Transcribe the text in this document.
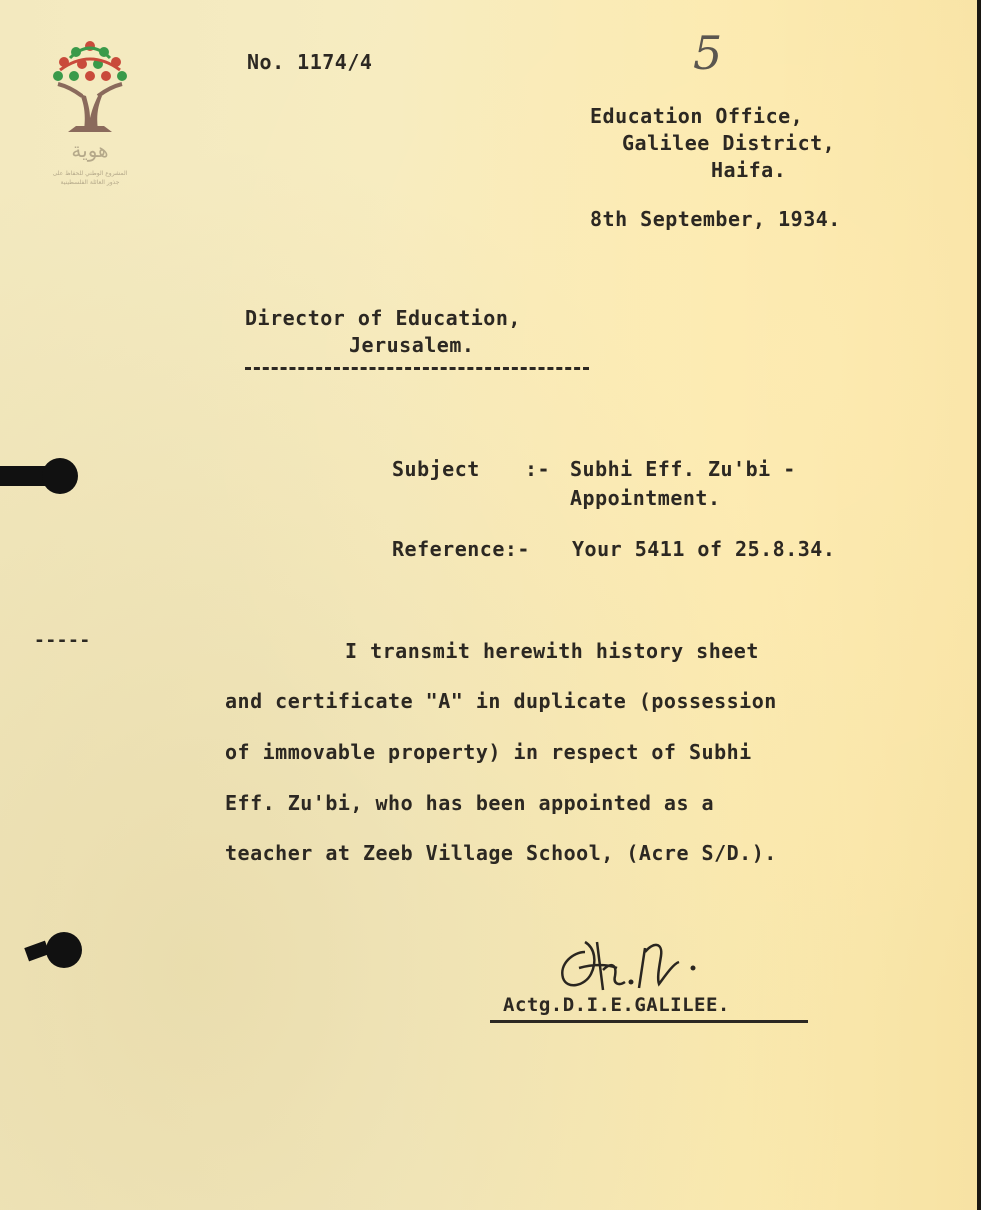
هوية
المشروع الوطني للحفاظ على
جذور العائلة الفلسطينية
5
No. 1174/4
Education Office,
Galilee District,
Haifa.
8th September, 1934.
Director of Education,
Jerusalem.
Subject :- Subhi Eff. Zu'bi -
Appointment.
Reference:- Your 5411 of 25.8.34.
-----	I transmit herewith history sheet
and certificate "A" in duplicate (possession
of immovable property) in respect of Subhi
Eff. Zu'bi, who has been appointed as a
teacher at Zeeb Village School, (Acre S/D.).
Actg.D.I.E.GALILEE.
